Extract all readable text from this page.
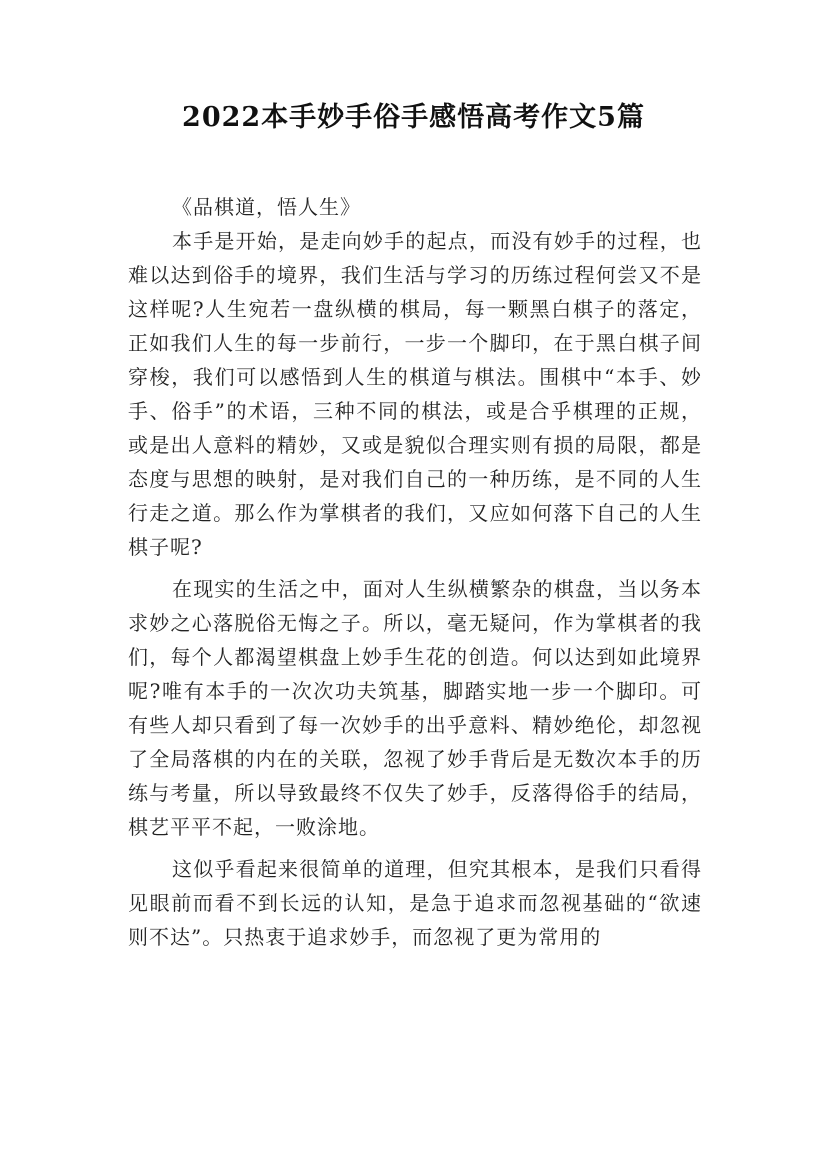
2022本手妙手俗手感悟高考作文5篇

《品棋道，悟人生》

本手是开始，是走向妙手的起点，而没有妙手的过程，也难以达到俗手的境界，我们生活与学习的历练过程何尝又不是这样呢?人生宛若一盘纵横的棋局，每一颗黑白棋子的落定，正如我们人生的每一步前行，一步一个脚印，在于黑白棋子间穿梭，我们可以感悟到人生的棋道与棋法。围棋中“本手、妙手、俗手”的术语，三种不同的棋法，或是合乎棋理的正规，或是出人意料的精妙，又或是貌似合理实则有损的局限，都是态度与思想的映射，是对我们自己的一种历练，是不同的人生行走之道。那么作为掌棋者的我们，又应如何落下自己的人生棋子呢?

在现实的生活之中，面对人生纵横繁杂的棋盘，当以务本求妙之心落脱俗无悔之子。所以，毫无疑问，作为掌棋者的我们，每个人都渴望棋盘上妙手生花的创造。何以达到如此境界呢?唯有本手的一次次功夫筑基，脚踏实地一步一个脚印。可有些人却只看到了每一次妙手的出乎意料、精妙绝伦，却忽视了全局落棋的内在的关联，忽视了妙手背后是无数次本手的历练与考量，所以导致最终不仅失了妙手，反落得俗手的结局，棋艺平平不起，一败涂地。

这似乎看起来很简单的道理，但究其根本，是我们只看得见眼前而看不到长远的认知，是急于追求而忽视基础的“欲速则不达”。只热衷于追求妙手，而忽视了更为常用的
